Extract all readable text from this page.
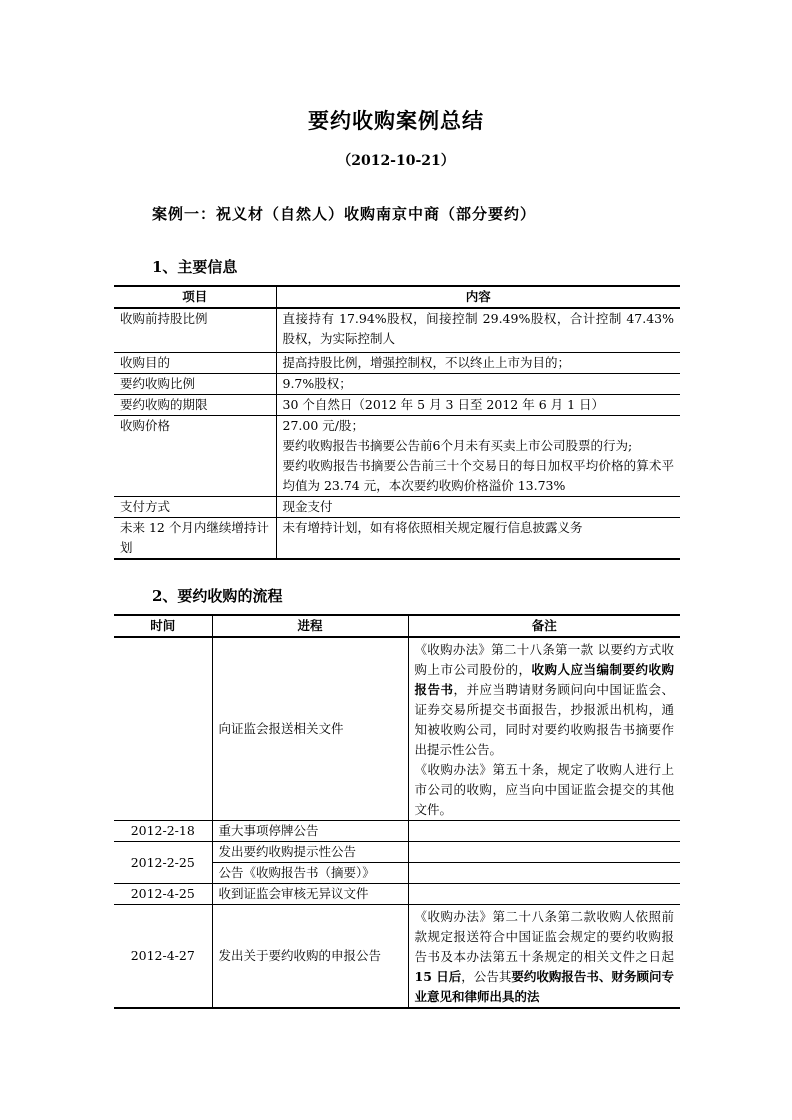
要约收购案例总结
（2012-10-21）
案例一：祝义材（自然人）收购南京中商（部分要约）
1、主要信息
项目	内容
收购前持股比例	直接持有 17.94%股权，间接控制 29.49%股权，合计控制 47.43%股权，为实际控制人
收购目的	提高持股比例，增强控制权，不以终止上市为目的；
要约收购比例	9.7%股权；
要约收购的期限	30 个自然日（2012 年 5 月 3 日至 2012 年 6 月 1 日）
收购价格	27.00 元/股；
要约收购报告书摘要公告前6个月未有买卖上市公司股票的行为;
要约收购报告书摘要公告前三十个交易日的每日加权平均价格的算术平均值为 23.74 元，本次要约收购价格溢价 13.73%

支付方式	现金支付
未来 12 个月内继续增持计划	未有增持计划，如有将依照相关规定履行信息披露义务
2、要约收购的流程
时间	进程	备注
	向证监会报送相关文件	《收购办法》第二十八条第一款 以要约方式收购上市公司股份的，收购人应当编制要约收购报告书，并应当聘请财务顾问向中国证监会、证券交易所提交书面报告，抄报派出机构，通知被收购公司，同时对要约收购报告书摘要作出提示性公告。
《收购办法》第五十条，规定了收购人进行上市公司的收购，应当向中国证监会提交的其他文件。

2012-2-18	重大事项停牌公告	
2012-2-25	发出要约收购提示性公告	
	公告《收购报告书（摘要）》	
2012-4-25	收到证监会审核无异议文件	
2012-4-27	发出关于要约收购的申报公告	《收购办法》第二十八条第二款收购人依照前款规定报送符合中国证监会规定的要约收购报告书及本办法第五十条规定的相关文件之日起15 日后，公告其要约收购报告书、财务顾问专业意见和律师出具的法
